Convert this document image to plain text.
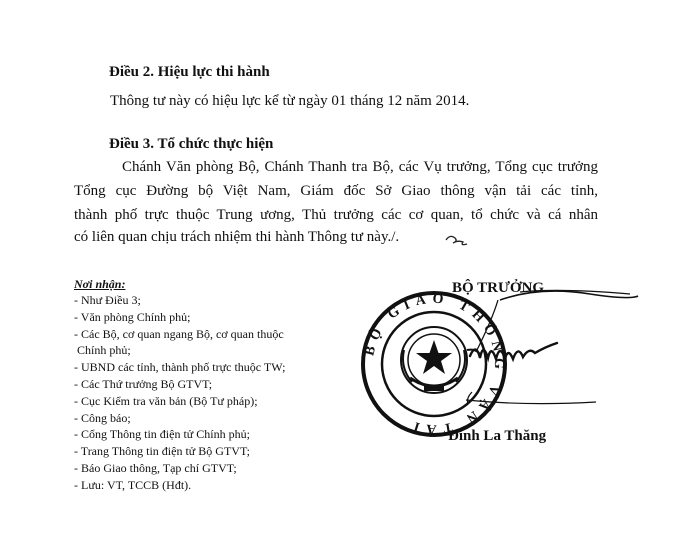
Điều 2. Hiệu lực thi hành
Thông tư này có hiệu lực kể từ ngày 01 tháng 12 năm 2014.
Điều 3. Tổ chức thực hiện
Chánh Văn phòng Bộ, Chánh Thanh tra Bộ, các Vụ trưởng, Tổng cục trưởng
Tổng cục Đường bộ Việt Nam, Giám đốc Sở Giao thông vận tải các tỉnh,
thành phố trực thuộc Trung ương, Thủ trưởng các cơ quan, tổ chức và cá nhân
có liên quan chịu trách nhiệm thi hành Thông tư này./.
Nơi nhận:
- Như Điều 3;
- Văn phòng Chính phủ;
- Các Bộ, cơ quan ngang Bộ, cơ quan thuộc
Chính phủ;
- UBND các tỉnh, thành phố trực thuộc TW;
- Các Thứ trưởng Bộ GTVT;
- Cục Kiểm tra văn bản (Bộ Tư pháp);
- Công báo;
- Cổng Thông tin điện tử Chính phủ;
- Trang Thông tin điện tử Bộ GTVT;
- Báo Giao thông, Tạp chí GTVT;
- Lưu: VT, TCCB (Hđt).
BỘ TRƯỞNG
Đinh La Thăng
BỘ GIAO THÔNG VẬN TẢI
